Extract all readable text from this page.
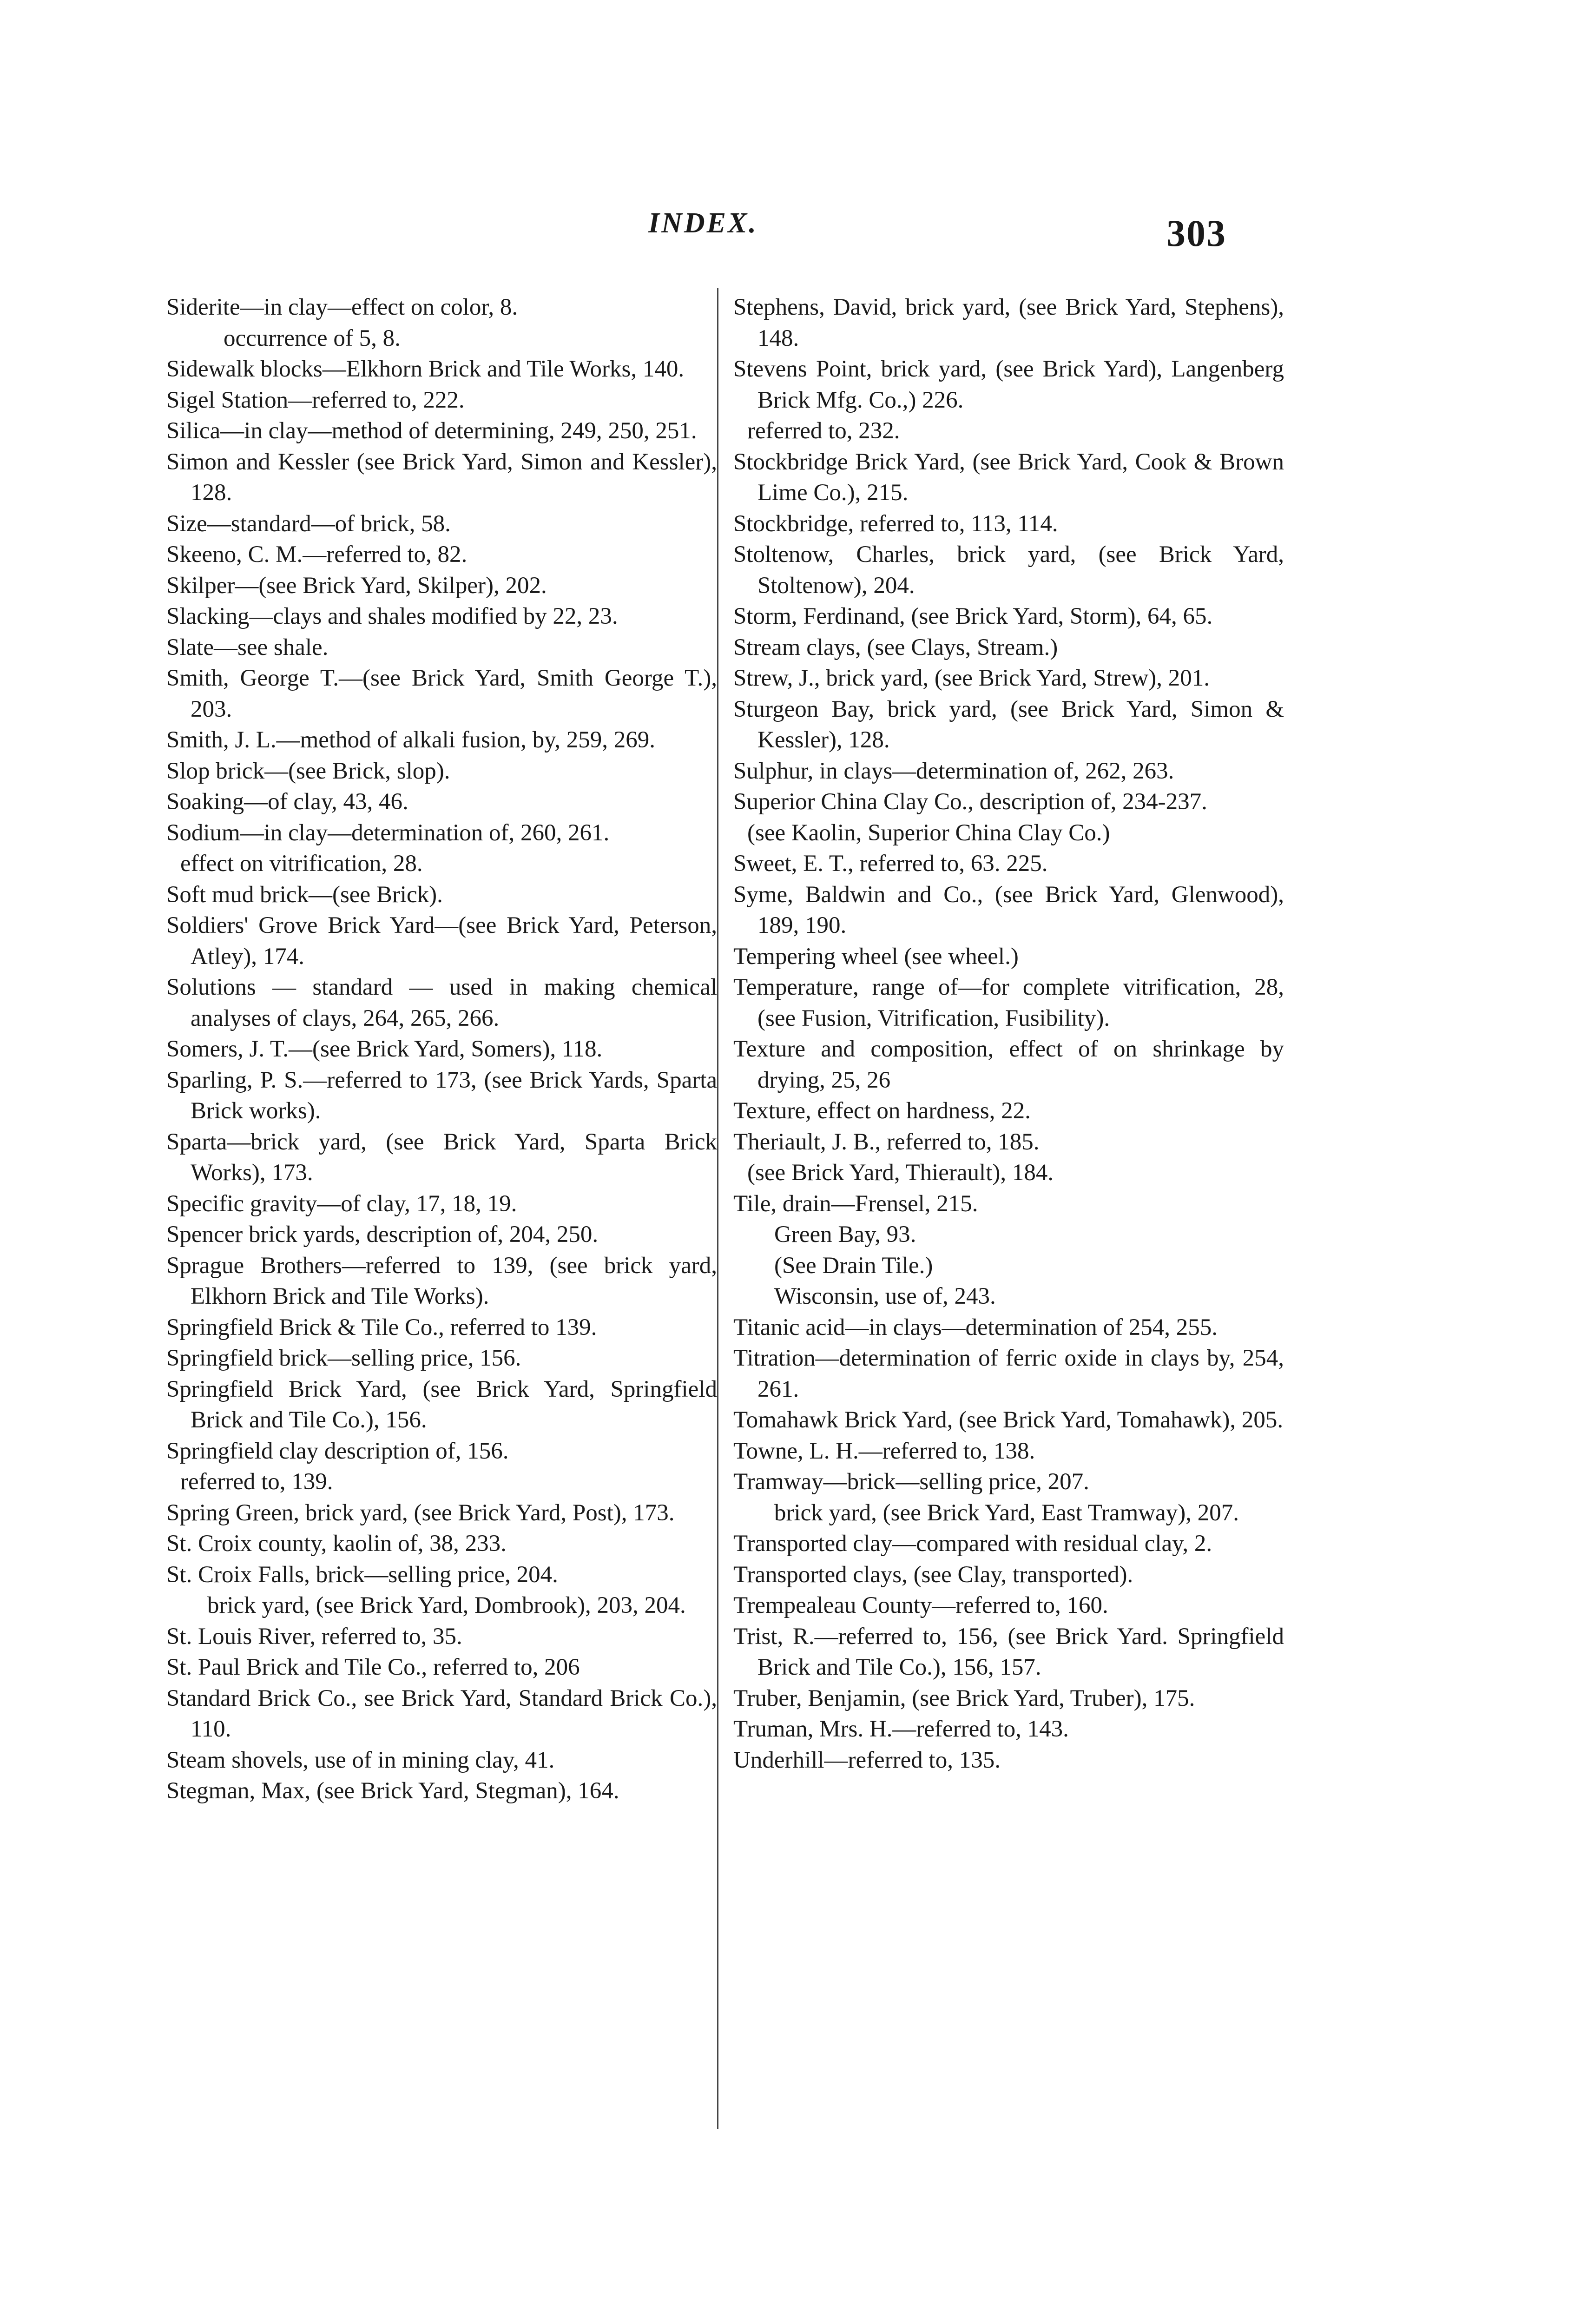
INDEX.	303

Siderite—in clay—effect on color, 8.

occurrence of 5, 8.

Sidewalk blocks—Elkhorn Brick and Tile Works, 140.

Sigel Station—referred to, 222.

Silica—in clay—method of determining, 249, 250, 251.

Simon and Kessler (see Brick Yard, Simon and Kessler), 128.

Size—standard—of brick, 58.

Skeeno, C. M.—referred to, 82.

Skilper—(see Brick Yard, Skilper), 202.

Slacking—clays and shales modified by 22, 23.

Slate—see shale.

Smith, George T.—(see Brick Yard, Smith George T.), 203.

Smith, J. L.—method of alkali fusion, by, 259, 269.

Slop brick—(see Brick, slop).

Soaking—of clay, 43, 46.

Sodium—in clay—determination of, 260, 261.

effect on vitrification, 28.

Soft mud brick—(see Brick).

Soldiers' Grove Brick Yard—(see Brick Yard, Peterson, Atley), 174.

Solutions — standard — used in making chemical analyses of clays, 264, 265, 266.

Somers, J. T.—(see Brick Yard, Somers), 118.

Sparling, P. S.—referred to 173, (see Brick Yards, Sparta Brick works).

Sparta—brick yard, (see Brick Yard, Sparta Brick Works), 173.

Specific gravity—of clay, 17, 18, 19.

Spencer brick yards, description of, 204, 250.

Sprague Brothers—referred to 139, (see brick yard, Elkhorn Brick and Tile Works).

Springfield Brick & Tile Co., referred to 139.

Springfield brick—selling price, 156.

Springfield Brick Yard, (see Brick Yard, Springfield Brick and Tile Co.), 156.

Springfield clay description of, 156.

referred to, 139.

Spring Green, brick yard, (see Brick Yard, Post), 173.

St. Croix county, kaolin of, 38, 233.

St. Croix Falls, brick—selling price, 204.

brick yard, (see Brick Yard, Dombrook), 203, 204.

St. Louis River, referred to, 35.

St. Paul Brick and Tile Co., referred to, 206

Standard Brick Co., see Brick Yard, Standard Brick Co.), 110.

Steam shovels, use of in mining clay, 41.

Stegman, Max, (see Brick Yard, Stegman), 164.

Stephens, David, brick yard, (see Brick Yard, Stephens), 148.

Stevens Point, brick yard, (see Brick Yard), Langenberg Brick Mfg. Co.,) 226.

referred to, 232.

Stockbridge Brick Yard, (see Brick Yard, Cook & Brown Lime Co.), 215.

Stockbridge, referred to, 113, 114.

Stoltenow, Charles, brick yard, (see Brick Yard, Stoltenow), 204.

Storm, Ferdinand, (see Brick Yard, Storm), 64, 65.

Stream clays, (see Clays, Stream.)

Strew, J., brick yard, (see Brick Yard, Strew), 201.

Sturgeon Bay, brick yard, (see Brick Yard, Simon & Kessler), 128.

Sulphur, in clays—determination of, 262, 263.

Superior China Clay Co., description of, 234-237.

(see Kaolin, Superior China Clay Co.)

Sweet, E. T., referred to, 63. 225.

Syme, Baldwin and Co., (see Brick Yard, Glenwood), 189, 190.

Tempering wheel (see wheel.)

Temperature, range of—for complete vitrification, 28, (see Fusion, Vitrification, Fusibility).

Texture and composition, effect of on shrinkage by drying, 25, 26

Texture, effect on hardness, 22.

Theriault, J. B., referred to, 185.

(see Brick Yard, Thierault), 184.

Tile, drain—Frensel, 215.

Green Bay, 93.

(See Drain Tile.)

Wisconsin, use of, 243.

Titanic acid—in clays—determination of 254, 255.

Titration—determination of ferric oxide in clays by, 254, 261.

Tomahawk Brick Yard, (see Brick Yard, Tomahawk), 205.

Towne, L. H.—referred to, 138.

Tramway—brick—selling price, 207.

brick yard, (see Brick Yard, East Tramway), 207.

Transported clay—compared with residual clay, 2.

Transported clays, (see Clay, transported).

Trempealeau County—referred to, 160.

Trist, R.—referred to, 156, (see Brick Yard. Springfield Brick and Tile Co.), 156, 157.

Truber, Benjamin, (see Brick Yard, Truber), 175.

Truman, Mrs. H.—referred to, 143.

Underhill—referred to, 135.
